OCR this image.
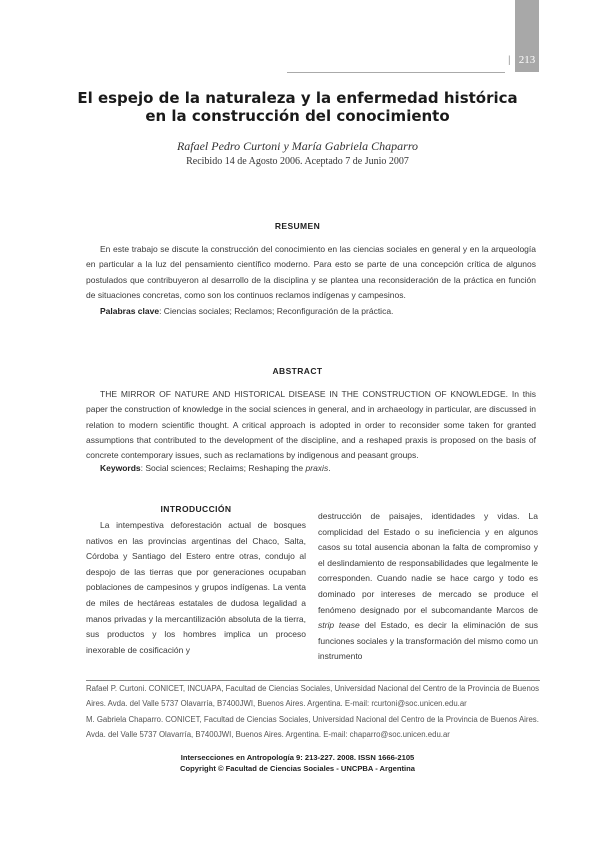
| 213
El espejo de la naturaleza y la enfermedad histórica
en la construcción del conocimiento
Rafael Pedro Curtoni y María Gabriela Chaparro
Recibido 14 de Agosto 2006. Aceptado 7 de Junio 2007
RESUMEN
En este trabajo se discute la construcción del conocimiento en las ciencias sociales en general y en la arqueología en particular a la luz del pensamiento científico moderno. Para esto se parte de una concepción crítica de algunos postulados que contribuyeron al desarrollo de la disciplina y se plantea una reconsideración de la práctica en función de situaciones concretas, como son los continuos reclamos indígenas y campesinos.
Palabras clave: Ciencias sociales; Reclamos; Reconfiguración de la práctica.
ABSTRACT
THE MIRROR OF NATURE AND HISTORICAL DISEASE IN THE CONSTRUCTION OF KNOWLEDGE. In this paper the construction of knowledge in the social sciences in general, and in archaeology in particular, are discussed in relation to modern scientific thought. A critical approach is adopted in order to reconsider some taken for granted assumptions that contributed to the development of the discipline, and a reshaped praxis is proposed on the basis of concrete contemporary issues, such as reclamations by indigenous and peasant groups.
Keywords: Social sciences; Reclaims; Reshaping the praxis.
INTRODUCCIÓN
La intempestiva deforestación actual de bosques nativos en las provincias argentinas del Chaco, Salta, Córdoba y Santiago del Estero entre otras, condujo al despojo de las tierras que por generaciones ocupaban poblaciones de campesinos y grupos indígenas. La venta de miles de hectáreas estatales de dudosa legalidad a manos privadas y la mercantilización absoluta de la tierra, sus productos y los hombres implica un proceso inexorable de cosificación y
destrucción de paisajes, identidades y vidas. La complicidad del Estado o su ineficiencia y en algunos casos su total ausencia abonan la falta de compromiso y el deslindamiento de responsabilidades que legalmente le corresponden. Cuando nadie se hace cargo y todo es dominado por intereses de mercado se produce el fenómeno designado por el subcomandante Marcos de strip tease del Estado, es decir la eliminación de sus funciones sociales y la transformación del mismo como un instrumento
Rafael P. Curtoni. CONICET, INCUAPA, Facultad de Ciencias Sociales, Universidad Nacional del Centro de la Provincia de Buenos Aires. Avda. del Valle 5737 Olavarría, B7400JWI, Buenos Aires. Argentina. E-mail: rcurtoni@soc.unicen.edu.ar
M. Gabriela Chaparro. CONICET, Facultad de Ciencias Sociales, Universidad Nacional del Centro de la Provincia de Buenos Aires. Avda. del Valle 5737 Olavarría, B7400JWI, Buenos Aires. Argentina. E-mail: chaparro@soc.unicen.edu.ar
Intersecciones en Antropología 9: 213-227. 2008. ISSN 1666-2105
Copyright © Facultad de Ciencias Sociales - UNCPBA - Argentina
